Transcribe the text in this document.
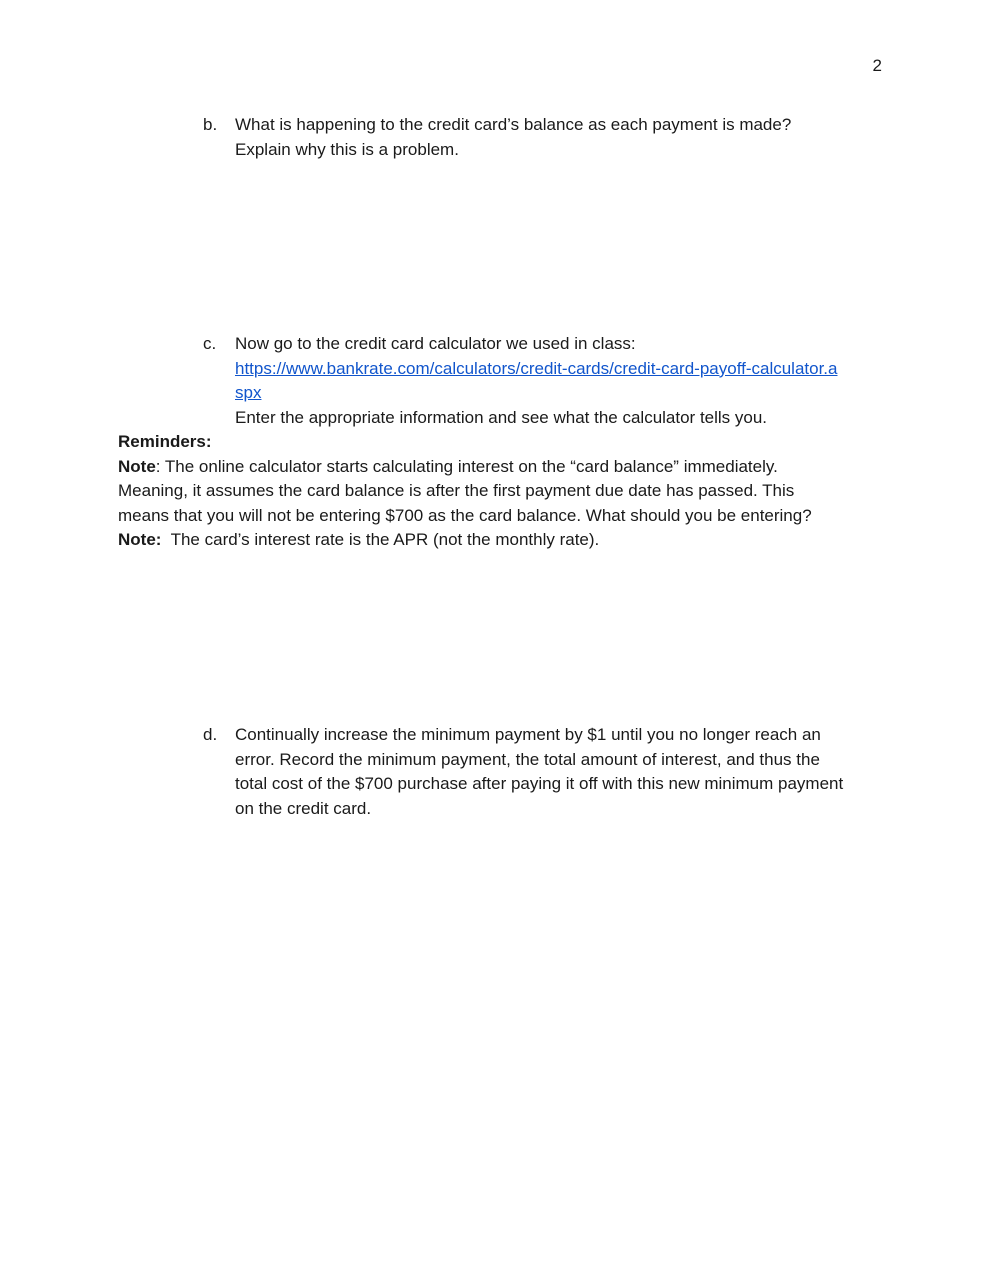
2
b. What is happening to the credit card’s balance as each payment is made?
Explain why this is a problem.
c. Now go to the credit card calculator we used in class:
https://www.bankrate.com/calculators/credit-cards/credit-card-payoff-calculator.a
spx
Enter the appropriate information and see what the calculator tells you.
Reminders:
Note: The online calculator starts calculating interest on the “card balance” immediately.
Meaning, it assumes the card balance is after the first payment due date has passed. This
means that you will not be entering $700 as the card balance. What should you be entering?
Note:  The card’s interest rate is the APR (not the monthly rate).
d. Continually increase the minimum payment by $1 until you no longer reach an
error. Record the minimum payment, the total amount of interest, and thus the
total cost of the $700 purchase after paying it off with this new minimum payment
on the credit card.
